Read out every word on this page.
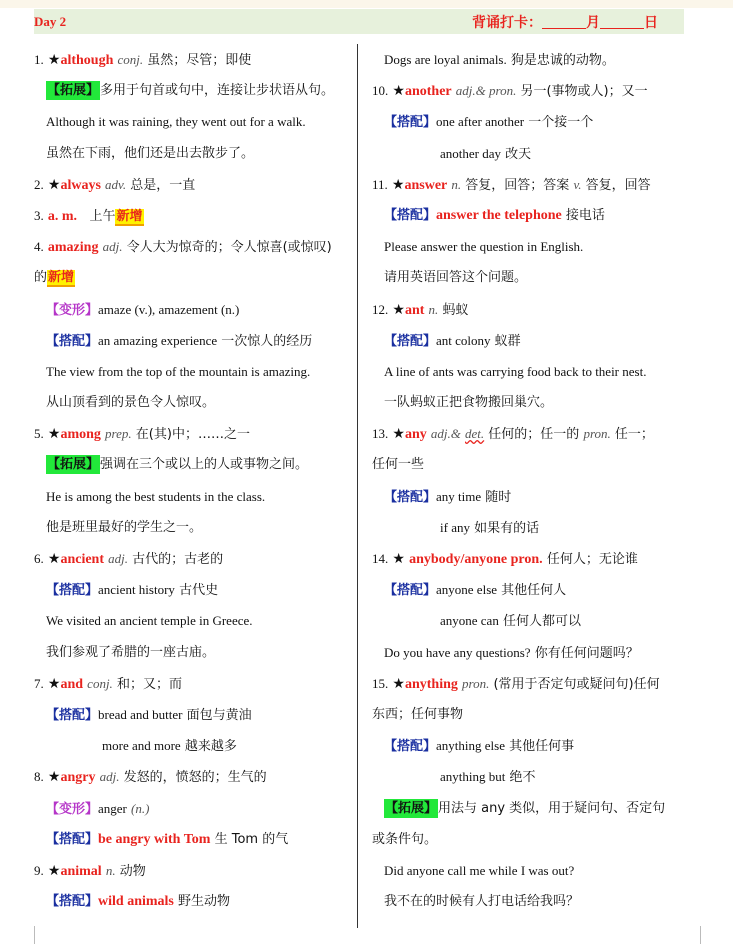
Day 2	背诵打卡：	月	日
1. ★although conj. 虽然；尽管；即使
【拓展】多用于句首或句中，连接让步状语从句。
Although it was raining, they went out for a walk.
虽然在下雨，他们还是出去散步了。
2. ★always adv. 总是，一直
3. a. m. 上午新增
4. amazing adj. 令人大为惊奇的；令人惊喜(或惊叹)
的新增
【变形】amaze (v.), amazement (n.)
【搭配】an amazing experience 一次惊人的经历
The view from the top of the mountain is amazing.
从山顶看到的景色令人惊叹。
5. ★among prep. 在(其)中；……之一
【拓展】强调在三个或以上的人或事物之间。
He is among the best students in the class.
他是班里最好的学生之一。
6. ★ancient adj. 古代的；古老的
【搭配】ancient history 古代史
We visited an ancient temple in Greece.
我们参观了希腊的一座古庙。
7. ★and conj. 和；又；而
【搭配】bread and butter 面包与黄油
more and more 越来越多
8. ★angry adj. 发怒的，愤怒的；生气的
【变形】anger (n.)
【搭配】be angry with Tom 生 Tom 的气
9. ★animal n. 动物
【搭配】wild animals 野生动物
Dogs are loyal animals. 狗是忠诚的动物。
10. ★another adj.& pron. 另一(事物或人)；又一
【搭配】one after another 一个接一个
another day 改天
11. ★answer n. 答复，回答；答案 v. 答复，回答
【搭配】answer the telephone 接电话
Please answer the question in English.
请用英语回答这个问题。
12. ★ant n. 蚂蚁
【搭配】ant colony 蚁群
A line of ants was carrying food back to their nest.
一队蚂蚁正把食物搬回巢穴。
13. ★any adj.& det. 任何的；任一的 pron. 任一；
任何一些
【搭配】any time 随时
if any 如果有的话
14. ★ anybody/anyone pron. 任何人；无论谁
【搭配】anyone else 其他任何人
anyone can 任何人都可以
Do you have any questions? 你有任何问题吗？
15. ★anything pron. (常用于否定句或疑问句)任何
东西；任何事物
【搭配】anything else 其他任何事
anything but 绝不
【拓展】用法与 any 类似，用于疑问句、否定句
或条件句。
Did anyone call me while I was out?
我不在的时候有人打电话给我吗？
